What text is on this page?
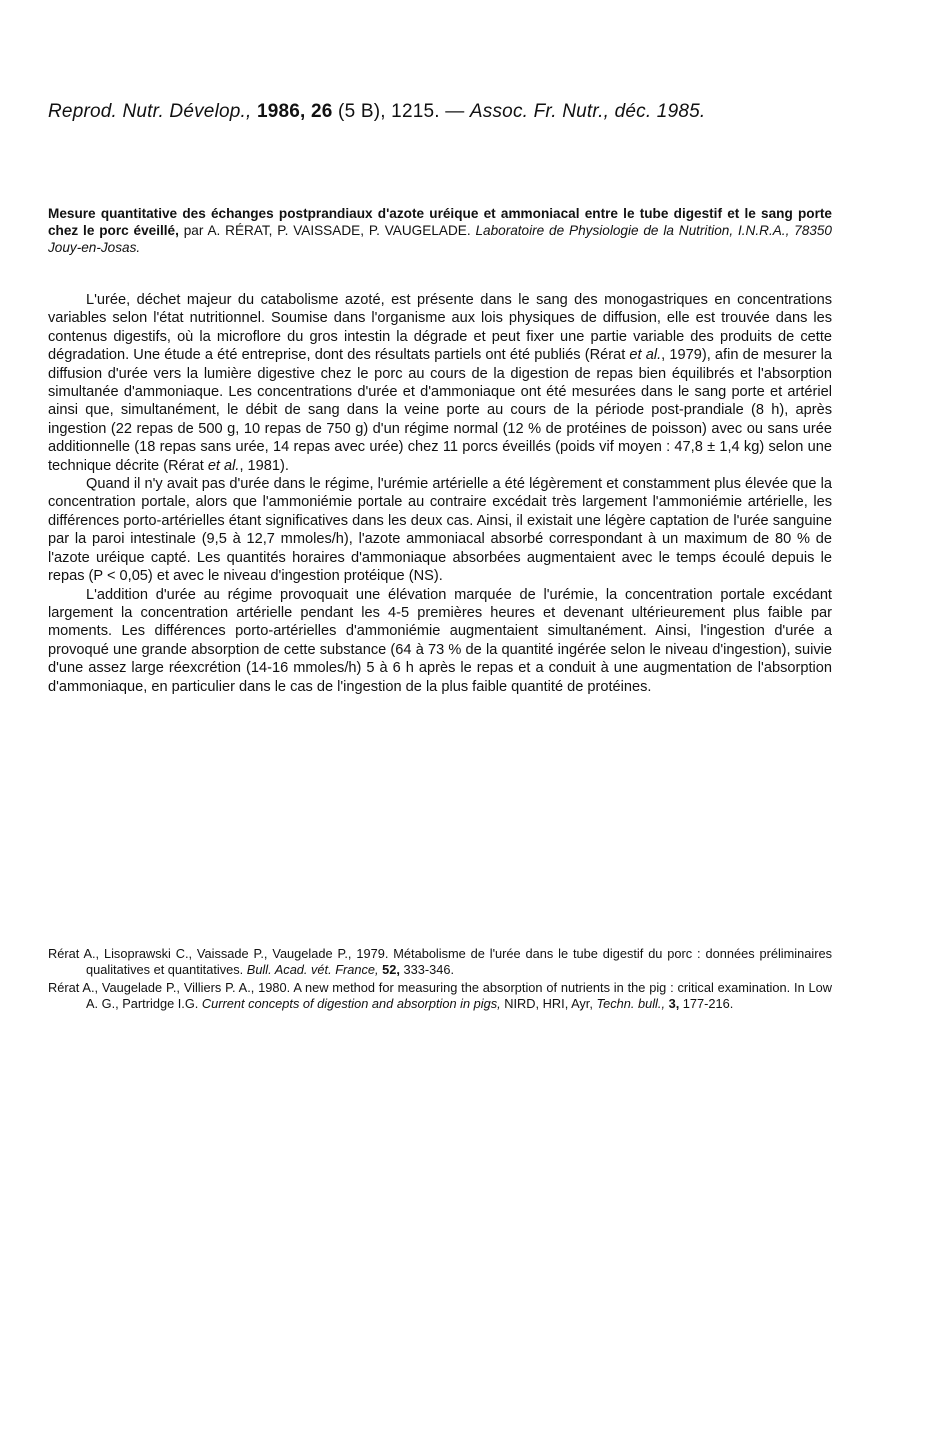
Reprod. Nutr. Dévelop., 1986, 26 (5 B), 1215. — Assoc. Fr. Nutr., déc. 1985.
Mesure quantitative des échanges postprandiaux d'azote uréique et ammoniacal entre le tube digestif et le sang porte chez le porc éveillé, par A. RÉRAT, P. VAISSADE, P. VAUGELADE. Laboratoire de Physiologie de la Nutrition, I.N.R.A., 78350 Jouy-en-Josas.

L'urée, déchet majeur du catabolisme azoté, est présente dans le sang des monogastriques en concentrations variables selon l'état nutritionnel. Soumise dans l'organisme aux lois physiques de diffusion, elle est trouvée dans les contenus digestifs, où la microflore du gros intestin la dégrade et peut fixer une partie variable des produits de cette dégradation. Une étude a été entreprise, dont des résultats partiels ont été publiés (Rérat et al., 1979), afin de mesurer la diffusion d'urée vers la lumière digestive chez le porc au cours de la digestion de repas bien équilibrés et l'absorption simultanée d'ammoniaque. Les concentrations d'urée et d'ammoniaque ont été mesurées dans le sang porte et artériel ainsi que, simultanément, le débit de sang dans la veine porte au cours de la période post-prandiale (8 h), après ingestion (22 repas de 500 g, 10 repas de 750 g) d'un régime normal (12 % de protéines de poisson) avec ou sans urée additionnelle (18 repas sans urée, 14 repas avec urée) chez 11 porcs éveillés (poids vif moyen : 47,8 ± 1,4 kg) selon une technique décrite (Rérat et al., 1981).

Quand il n'y avait pas d'urée dans le régime, l'urémie artérielle a été légèrement et constamment plus élevée que la concentration portale, alors que l'ammoniémie portale au contraire excédait très largement l'ammoniémie artérielle, les différences porto-artérielles étant significatives dans les deux cas. Ainsi, il existait une légère captation de l'urée sanguine par la paroi intestinale (9,5 à 12,7 mmoles/h), l'azote ammoniacal absorbé correspondant à un maximum de 80 % de l'azote uréique capté. Les quantités horaires d'ammoniaque absorbées augmentaient avec le temps écoulé depuis le repas (P < 0,05) et avec le niveau d'ingestion protéique (NS).

L'addition d'urée au régime provoquait une élévation marquée de l'urémie, la concentration portale excédant largement la concentration artérielle pendant les 4-5 premières heures et devenant ultérieurement plus faible par moments. Les différences porto-artérielles d'ammoniémie augmentaient simultanément. Ainsi, l'ingestion d'urée a provoqué une grande absorption de cette substance (64 à 73 % de la quantité ingérée selon le niveau d'ingestion), suivie d'une assez large réexcrétion (14-16 mmoles/h) 5 à 6 h après le repas et a conduit à une augmentation de l'absorption d'ammoniaque, en particulier dans le cas de l'ingestion de la plus faible quantité de protéines.

Rérat A., Lisoprawski C., Vaissade P., Vaugelade P., 1979. Métabolisme de l'urée dans le tube digestif du porc : données préliminaires qualitatives et quantitatives. Bull. Acad. vét. France, 52, 333-346.

Rérat A., Vaugelade P., Villiers P. A., 1980. A new method for measuring the absorption of nutrients in the pig : critical examination. In Low A. G., Partridge I.G. Current concepts of digestion and absorption in pigs, NIRD, HRI, Ayr, Techn. bull., 3, 177-216.
